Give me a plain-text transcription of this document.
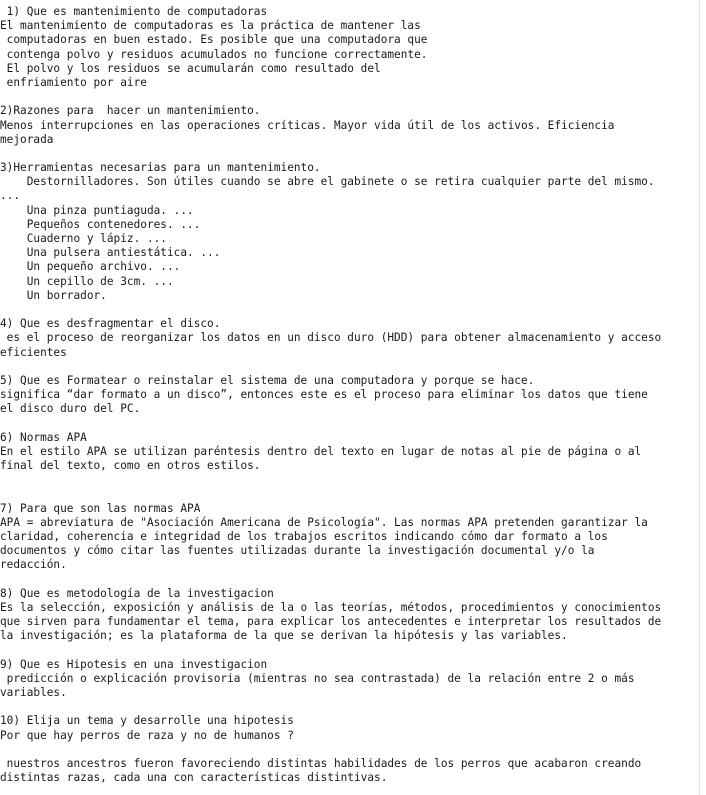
1) Que es mantenimiento de computadoras
El mantenimiento de computadoras es la práctica de mantener las
computadoras en buen estado. Es posible que una computadora que
contenga polvo y residuos acumulados no funcione correctamente.
El polvo y los residuos se acumularán como resultado del
enfriamiento por aire
2)Razones para  hacer un mantenimiento.
Menos interrupciones en las operaciones críticas. Mayor vida útil de los activos. Eficiencia
mejorada
3)Herramientas necesarias para un mantenimiento.
Destornilladores. Son útiles cuando se abre el gabinete o se retira cualquier parte del mismo.
...
Una pinza puntiaguda. ...
Pequeños contenedores. ...
Cuaderno y lápiz. ...
Una pulsera antiestática. ...
Un pequeño archivo. ...
Un cepillo de 3cm. ...
Un borrador.
4) Que es desfragmentar el disco.
es el proceso de reorganizar los datos en un disco duro (HDD) para obtener almacenamiento y acceso
eficientes
5) Que es Formatear o reinstalar el sistema de una computadora y porque se hace.
significa “dar formato a un disco”, entonces este es el proceso para eliminar los datos que tiene
el disco duro del PC.
6) Normas APA
En el estilo APA se utilizan paréntesis dentro del texto en lugar de notas al pie de página o al
final del texto, como en otros estilos.
7) Para que son las normas APA
APA = abreviatura de "Asociación Americana de Psicología". Las normas APA pretenden garantizar la
claridad, coherencia e integridad de los trabajos escritos indicando cómo dar formato a los
documentos y cómo citar las fuentes utilizadas durante la investigación documental y/o la
redacción.
8) Que es metodología de la investigacion
Es la selección, exposición y análisis de la o las teorías, métodos, procedimientos y conocimientos
que sirven para fundamentar el tema, para explicar los antecedentes e interpretar los resultados de
la investigación; es la plataforma de la que se derivan la hipótesis y las variables.
9) Que es Hipotesis en una investigacion
predicción o explicación provisoria (mientras no sea contrastada) de la relación entre 2 o más
variables.
10) Elija un tema y desarrolle una hipotesis
Por que hay perros de raza y no de humanos ?
nuestros ancestros fueron favoreciendo distintas habilidades de los perros que acabaron creando
distintas razas, cada una con características distintivas.
